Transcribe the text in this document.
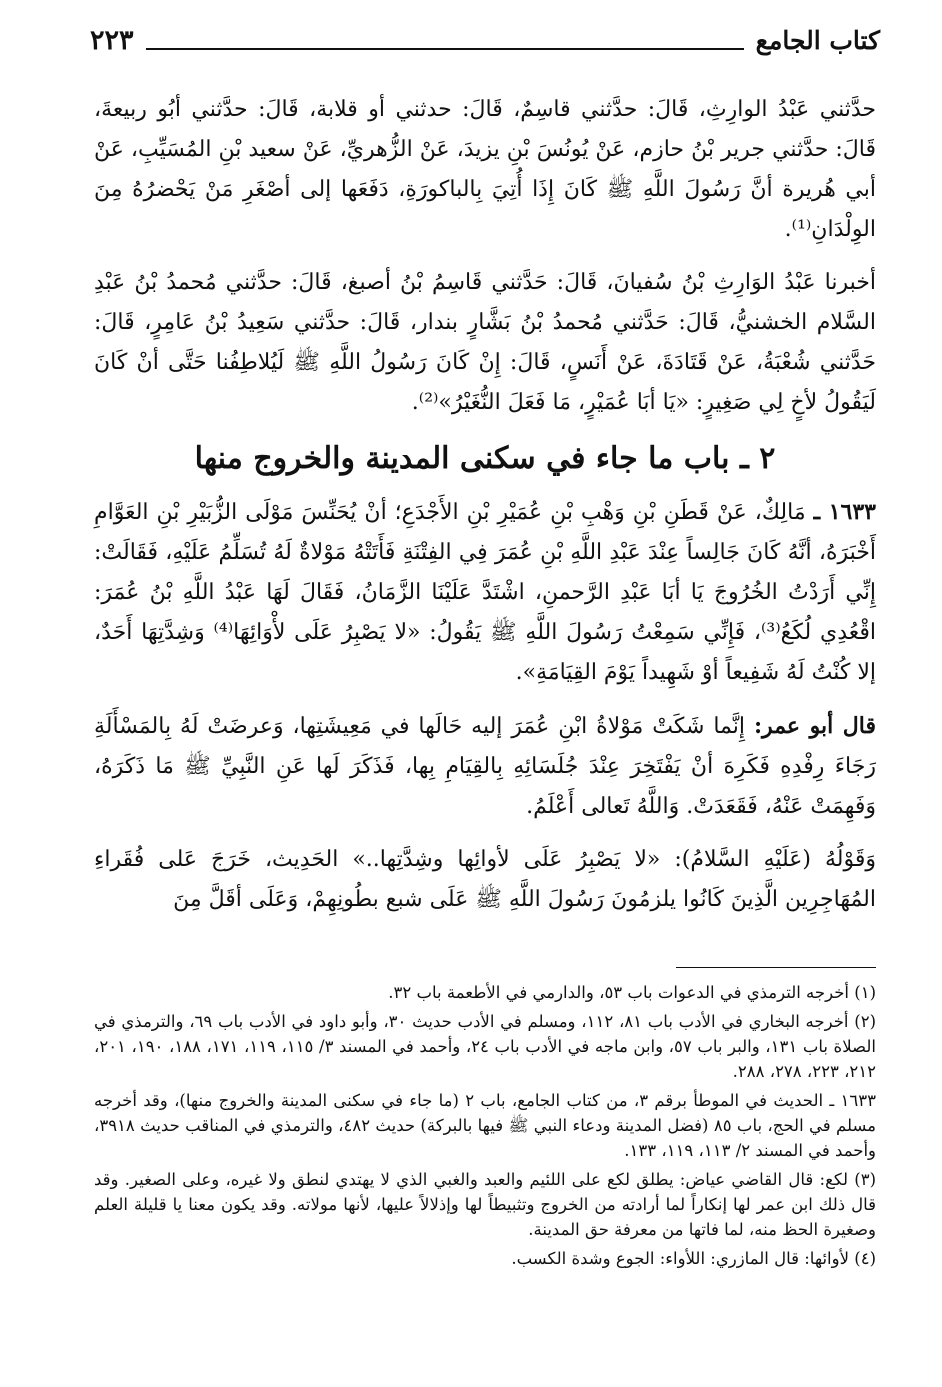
كتاب الجامع
٢٢٣

حدَّثني عَبْدُ الوارِثِ، قَالَ: حدَّثني قاسِمٌ، قَالَ: حدثني أو قلابة، قَالَ: حدَّثني أبُو ربيعةَ، قَالَ: حدَّثني جرير بْنُ حازم، عَنْ يُونُسَ بْنِ يزيدَ، عَنْ الزُّهريِّ، عَنْ سعيد بْنِ المُسَيِّبِ، عَنْ أبي هُريرة أنَّ رَسُولَ اللَّهِ ﷺ كَانَ إِذَا أُتِيَ بِالباكورَةِ، دَفَعَها إلى أصْغَرِ مَنْ يَحْضرُهُ مِنَ الوِلْدَانِ⁽¹⁾.

أخبرنا عَبْدُ الوَارِثِ بْنُ سُفيانَ، قَالَ: حَدَّثني قَاسِمُ بْنُ أصبغ، قَالَ: حدَّثني مُحمدُ بْنُ عَبْدِ السَّلام الخشنيُّ، قَالَ: حَدَّثني مُحمدُ بْنُ بَشَّارٍ بندار، قَالَ: حدَّثني سَعِيدُ بْنُ عَامِرٍ، قَالَ: حَدَّثني شُعْبَةُ، عَنْ قَتَادَةَ، عَنْ أَنَسٍ، قَالَ: إِنْ كَانَ رَسُولُ اللَّهِ ﷺ لَيُلاطِفُنا حَتَّى أنْ كَانَ لَيَقُولُ لأخٍ لِي صَغِيرٍ: «يَا أبَا عُمَيْرٍ، مَا فَعَلَ النُّغَيْرُ»⁽²⁾.

٢ ـ باب ما جاء في سكنى المدينة والخروج منها

١٦٣٣ ـ مَالِكٌ، عَنْ قَطَنِ بْنِ وَهْبِ بْنِ عُمَيْرِ بْنِ الأَجْدَعِ؛ أنْ يُحَنِّسَ مَوْلَى الزُّبَيْرِ بْنِ العَوَّامِ أَخْبَرَهُ، أنَّهُ كَانَ جَالِساً عِنْدَ عَبْدِ اللَّهِ بْنِ عُمَرَ فِي الفِتْنَةِ فَأَتَتْهُ مَوْلاةٌ لَهُ تُسَلِّمُ عَلَيْهِ، فَقَالَتْ: إِنِّي أَرَدْتُ الخُرُوجَ يَا أبَا عَبْدِ الرَّحمنِ، اشْتَدَّ عَلَيْنَا الزَّمَانُ، فَقَالَ لَهَا عَبْدُ اللَّهِ بْنُ عُمَرَ: اقْعُدِي لُكَعُ⁽³⁾، فَإِنِّي سَمِعْتُ رَسُولَ اللَّهِ ﷺ يَقُولُ: «لا يَصْبِرُ عَلَى لأْوَائِهَا⁽⁴⁾ وَشِدَّتِهَا أَحَدٌ، إلا كُنْتُ لَهُ شَفِيعاً أوْ شَهِيداً يَوْمَ القِيَامَةِ».

قال أبو عمر: إِنَّما شَكَتْ مَوْلاةُ ابْنِ عُمَرَ إليه حَالَها في مَعِيشَتِها، وَعرضَتْ لَهُ بِالمَسْأَلَةِ رَجَاءَ رِفْدِهِ فَكَرِهَ أنْ يَفْتَخِرَ عِنْدَ جُلَسَائِهِ بِالقِيَامِ بِها، فَذَكَرَ لَها عَنِ النَّبِيِّ ﷺ مَا ذَكَرَهُ، وَفَهِمَتْ عَنْهُ، فَقَعَدَتْ. وَاللَّهُ تَعالى أَعْلَمُ.

وَقَوْلُهُ (عَلَيْهِ السَّلامُ): «لا يَصْبِرُ عَلَى لأوائِها وشِدَّتِها..» الحَدِيث، خَرَجَ عَلى فُقَراءِ المُهَاجِرِين الَّذِينَ كَانُوا يلزمُونَ رَسُولَ اللَّهِ ﷺ عَلَى شبع بطُونِهِمْ، وَعَلَى أقَلَّ مِنَ

(١) أخرجه الترمذي في الدعوات باب ٥٣، والدارمي في الأطعمة باب ٣٢.

(٢) أخرجه البخاري في الأدب باب ٨١، ١١٢، ومسلم في الأدب حديث ٣٠، وأبو داود في الأدب باب ٦٩، والترمذي في الصلاة باب ١٣١، والبر باب ٥٧، وابن ماجه في الأدب باب ٢٤، وأحمد في المسند ٣/ ١١٥، ١١٩، ١٧١، ١٨٨، ١٩٠، ٢٠١، ٢١٢، ٢٢٣، ٢٧٨، ٢٨٨.

١٦٣٣ ـ الحديث في الموطأ برقم ٣، من كتاب الجامع، باب ٢ (ما جاء في سكنى المدينة والخروج منها)، وقد أخرجه مسلم في الحج، باب ٨٥ (فضل المدينة ودعاء النبي ﷺ فيها بالبركة) حديث ٤٨٢، والترمذي في المناقب حديث ٣٩١٨، وأحمد في المسند ٢/ ١١٣، ١١٩، ١٣٣.

(٣) لكع: قال القاضي عياض: يطلق لكع على اللئيم والعبد والغبي الذي لا يهتدي لنطق ولا غيره، وعلى الصغير. وقد قال ذلك ابن عمر لها إنكاراً لما أرادته من الخروج وتثبيطاً لها وإذلالاً عليها، لأنها مولاته. وقد يكون معنا يا قليلة العلم وصغيرة الحظ منه، لما فاتها من معرفة حق المدينة.

(٤) لأوائها: قال المازري: اللأواء: الجوع وشدة الكسب.
